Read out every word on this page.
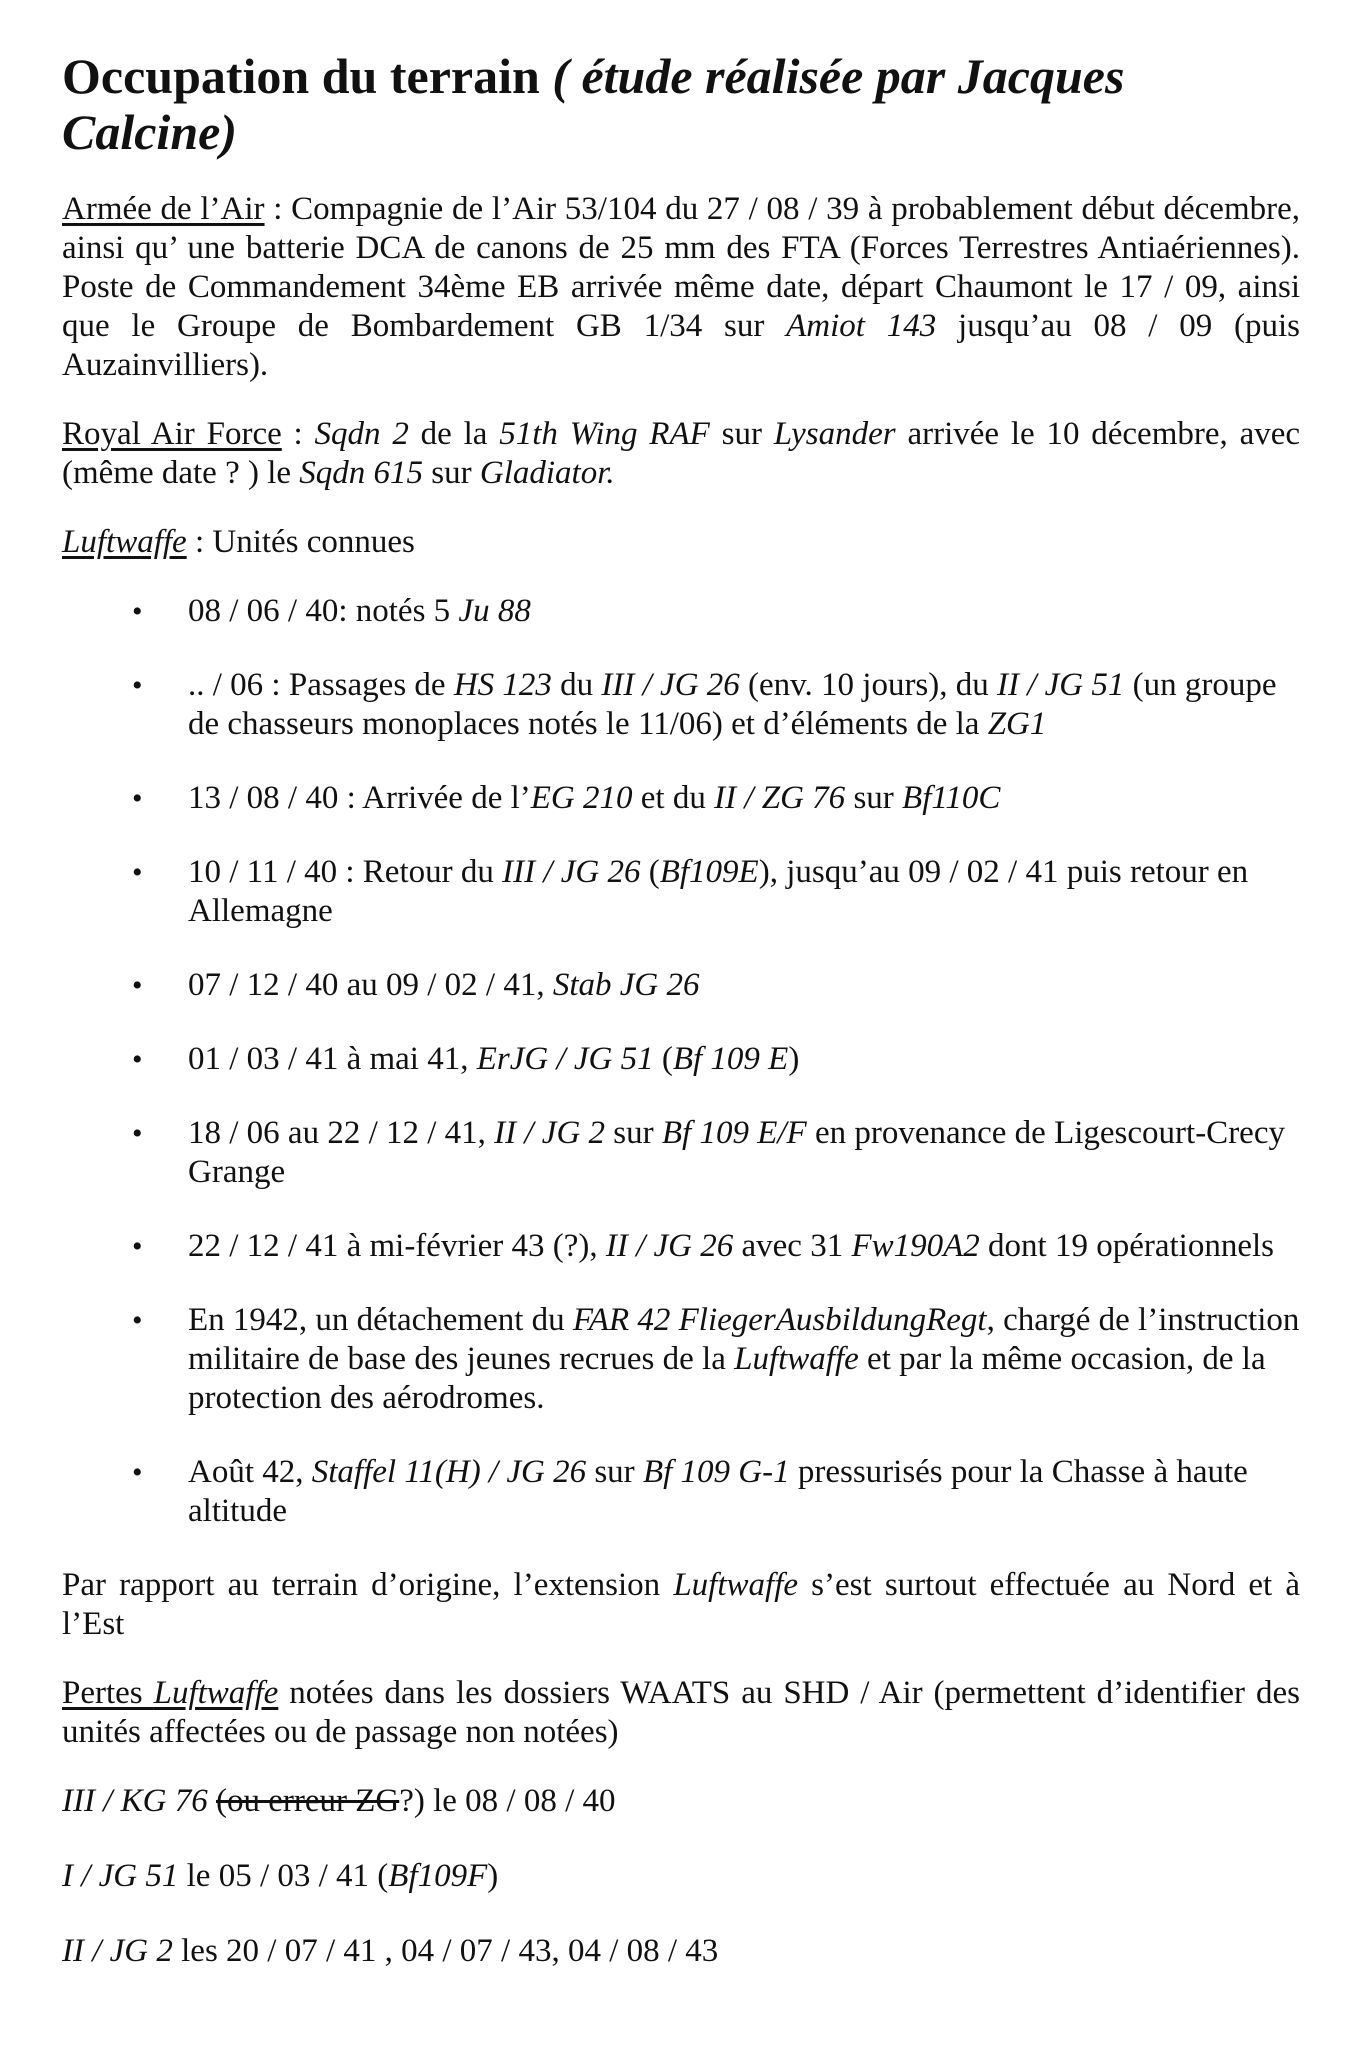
Occupation du terrain ( étude réalisée par Jacques Calcine)

Armée de l’Air : Compagnie de l’Air 53/104 du 27 / 08 / 39 à probablement début décembre, ainsi qu’ une batterie DCA de canons de 25 mm des FTA (Forces Terrestres Antiaériennes). Poste de Commandement 34ème EB arrivée même date, départ Chaumont le 17 / 09, ainsi que le Groupe de Bombardement GB 1/34 sur Amiot 143 jusqu’au 08 / 09 (puis Auzainvilliers).

Royal Air Force : Sqdn 2 de la 51th Wing RAF sur Lysander arrivée le 10 décembre, avec (même date ? ) le Sqdn 615 sur Gladiator.

Luftwaffe : Unités connues

• 08 / 06 / 40: notés 5 Ju 88
• .. / 06 : Passages de HS 123 du III / JG 26 (env. 10 jours), du II / JG 51 (un groupe de chasseurs monoplaces notés le 11/06) et d’éléments de la ZG1
• 13 / 08 / 40 : Arrivée de l’EG 210 et du II / ZG 76 sur Bf110C
• 10 / 11 / 40 : Retour du III / JG 26 (Bf109E), jusqu’au 09 / 02 / 41 puis retour en Allemagne
• 07 / 12 / 40 au 09 / 02 / 41, Stab JG 26
• 01 / 03 / 41 à mai 41, ErJG / JG 51 (Bf 109 E)
• 18 / 06 au 22 / 12 / 41, II / JG 2 sur Bf 109 E/F en provenance de Ligescourt-Crecy Grange
• 22 / 12 / 41 à mi-février 43 (?), II / JG 26 avec 31 Fw190A2 dont 19 opérationnels
• En 1942, un détachement du FAR 42 FliegerAusbildungRegt, chargé de l’instruction militaire de base des jeunes recrues de la Luftwaffe et par la même occasion, de la protection des aérodromes.
• Août 42, Staffel 11(H) / JG 26 sur Bf 109 G-1 pressurisés pour la Chasse à haute altitude

Par rapport au terrain d’origine, l’extension Luftwaffe s’est surtout effectuée au Nord et à l’Est

Pertes Luftwaffe notées dans les dossiers WAATS au SHD / Air (permettent d’identifier des unités affectées ou de passage non notées)

III / KG 76 (ou erreur ZG?) le 08 / 08 / 40

I / JG 51 le 05 / 03 / 41 (Bf109F)

II / JG 2 les 20 / 07 / 41 , 04 / 07 / 43, 04 / 08 / 43
